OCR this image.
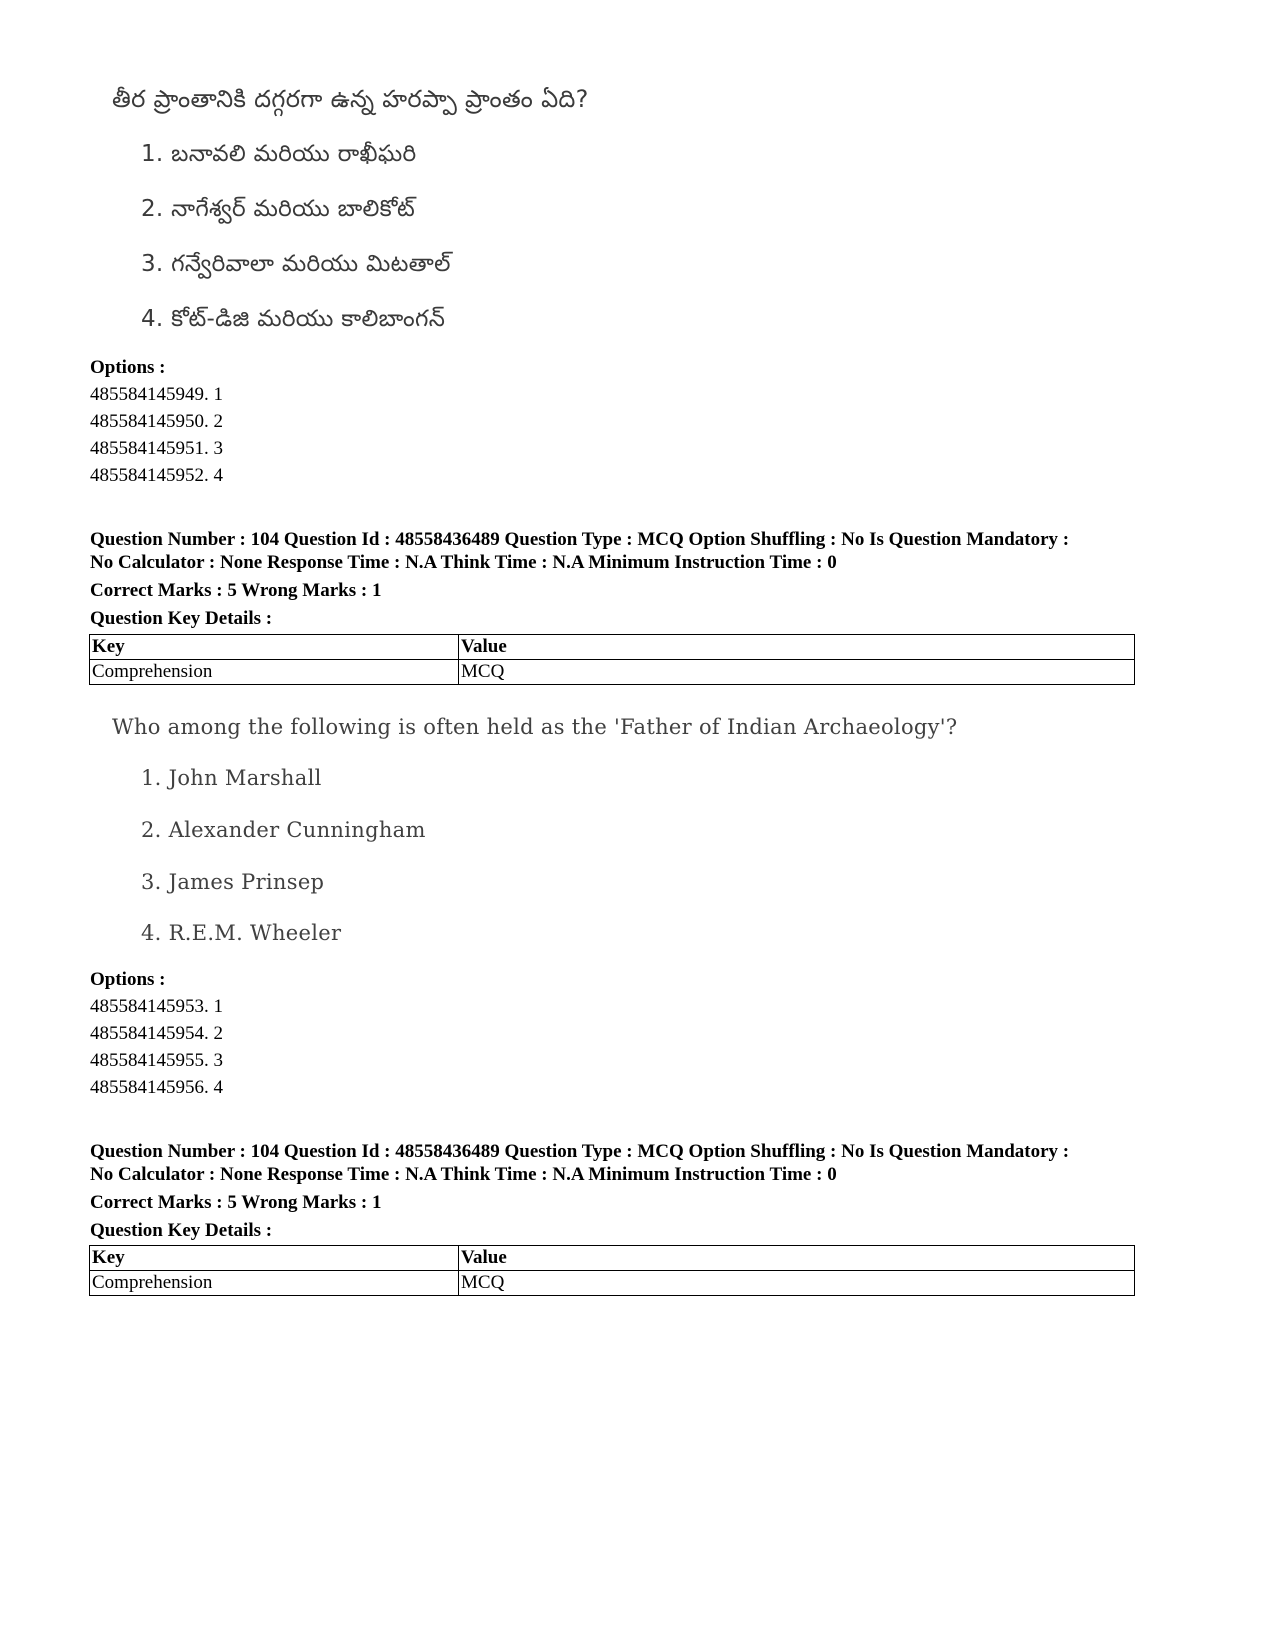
తీర ప్రాంతానికి దగ్గరగా ఉన్న హరప్పా ప్రాంతం ఏది?

1. బనావలి మరియు రాఖీఘరి

2. నాగేశ్వర్ మరియు బాలికోట్

3. గన్వేరివాలా మరియు మిటతాల్

4. కోట్-డిజి మరియు కాలిబాంగన్

Options :

485584145949. 1

485584145950. 2

485584145951. 3

485584145952. 4

Question Number : 104 Question Id : 48558436489 Question Type : MCQ Option Shuffling : No Is Question Mandatory :

No Calculator : None Response Time : N.A Think Time : N.A Minimum Instruction Time : 0

Correct Marks : 5 Wrong Marks : 1

Question Key Details :

Key	Value
Comprehension	MCQ

Who among the following is often held as the 'Father of Indian Archaeology'?

1. John Marshall

2. Alexander Cunningham

3. James Prinsep

4. R.E.M. Wheeler

Options :

485584145953. 1

485584145954. 2

485584145955. 3

485584145956. 4

Question Number : 104 Question Id : 48558436489 Question Type : MCQ Option Shuffling : No Is Question Mandatory :

No Calculator : None Response Time : N.A Think Time : N.A Minimum Instruction Time : 0

Correct Marks : 5 Wrong Marks : 1

Question Key Details :

Key	Value
Comprehension	MCQ
